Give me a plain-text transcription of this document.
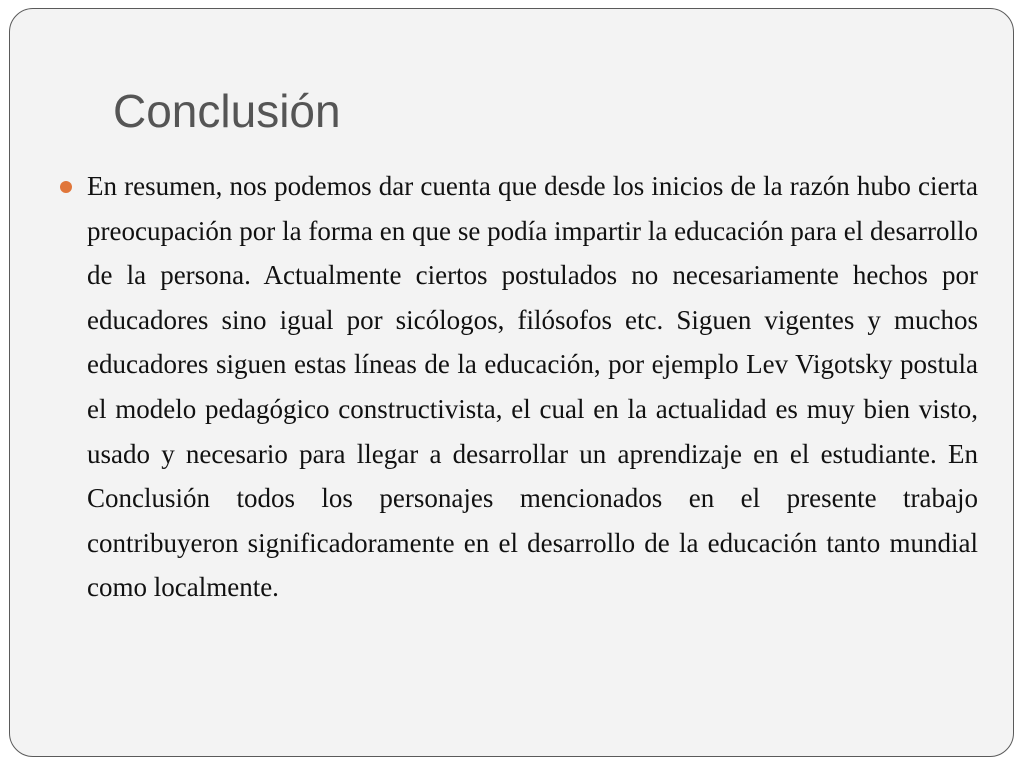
Conclusión

En resumen, nos podemos dar cuenta que desde los inicios de la razón hubo cierta preocupación por la forma en que se podía impartir la educación para el desarrollo de la persona. Actualmente ciertos postulados no necesariamente hechos por educadores sino igual por sicólogos, filósofos etc. Siguen vigentes y muchos educadores siguen estas líneas de la educación, por ejemplo Lev Vigotsky postula el modelo pedagógico constructivista, el cual en la actualidad es muy bien visto, usado y necesario para llegar a desarrollar un aprendizaje en el estudiante. En Conclusión todos los personajes mencionados en el presente trabajo contribuyeron significadoramente en el desarrollo de la educación tanto mundial como localmente.
